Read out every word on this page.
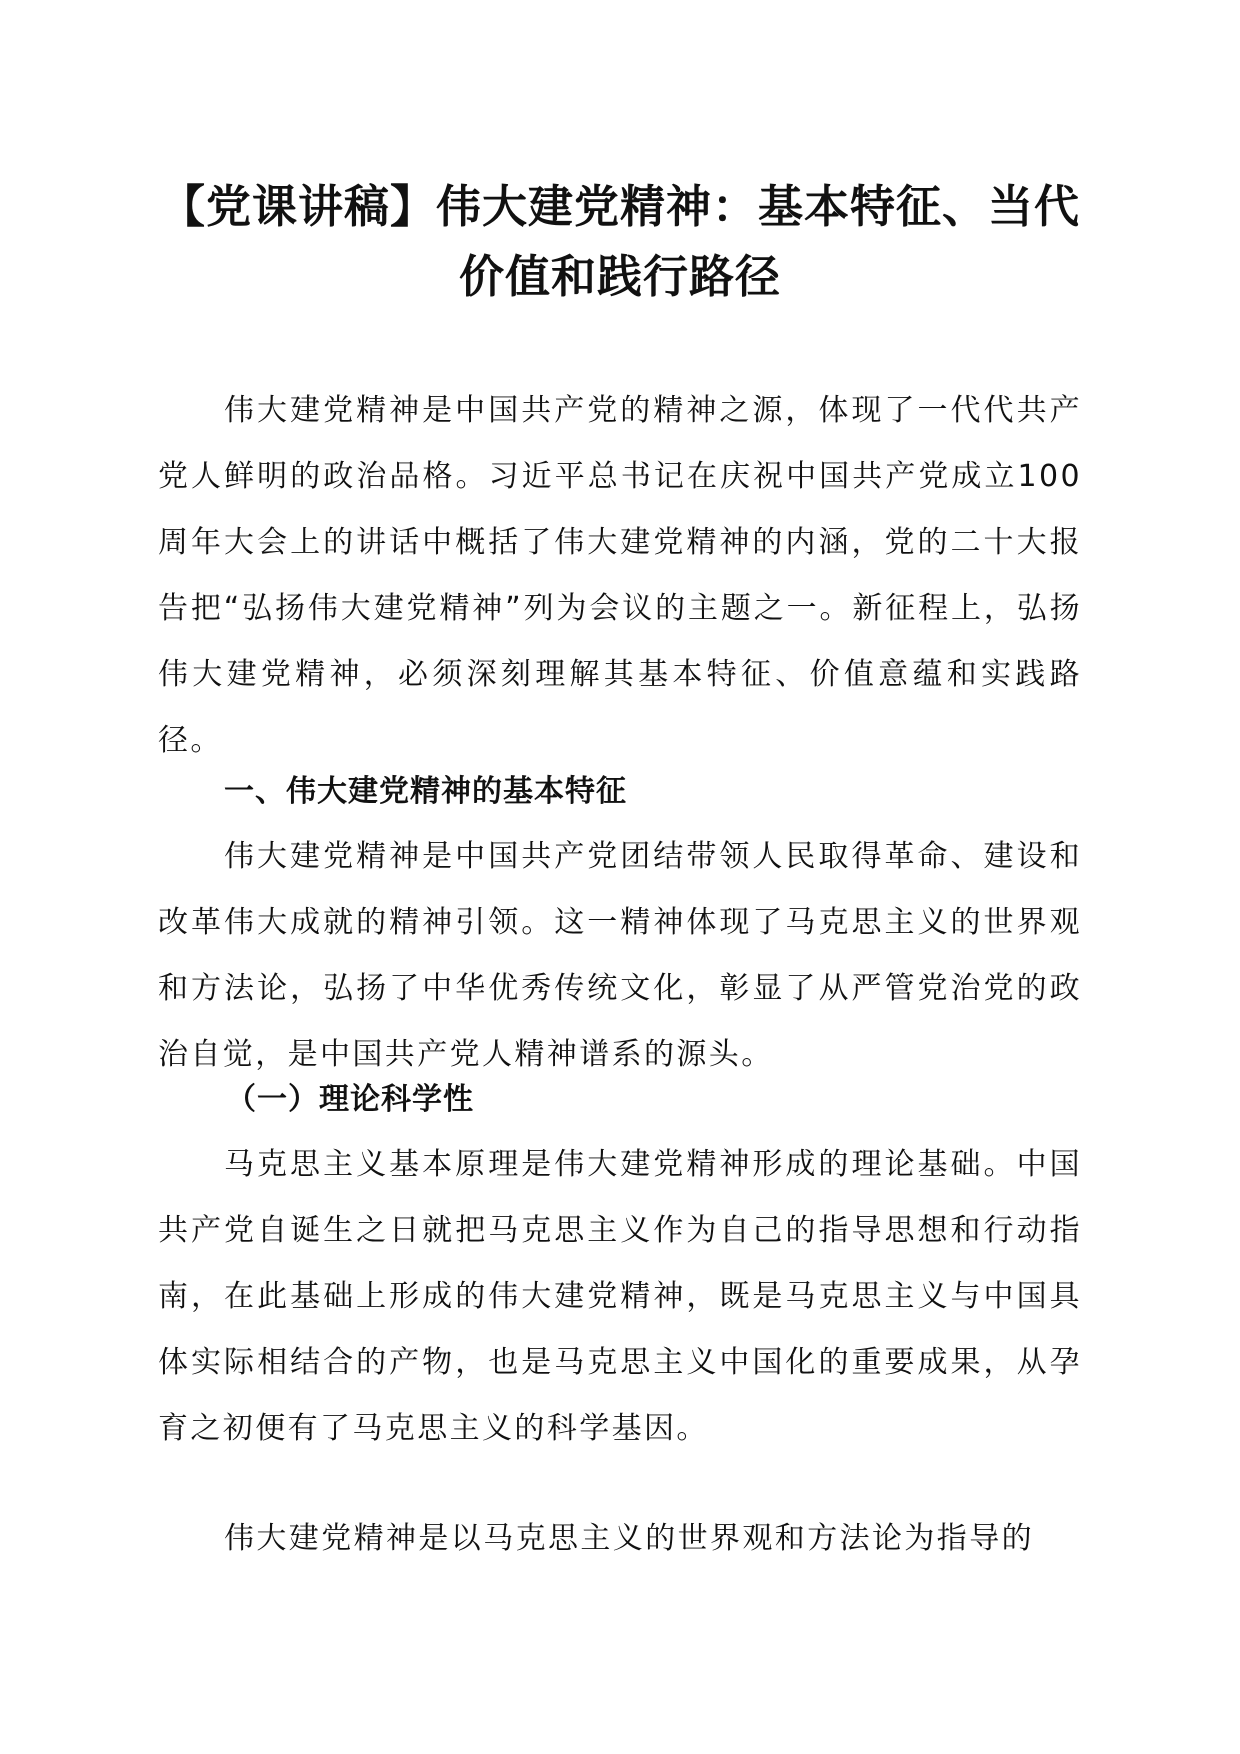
【党课讲稿】伟大建党精神：基本特征、当代
价值和践行路径

伟大建党精神是中国共产党的精神之源，体现了一代代共产党人鲜明的政治品格。习近平总书记在庆祝中国共产党成立100周年大会上的讲话中概括了伟大建党精神的内涵，党的二十大报告把“弘扬伟大建党精神”列为会议的主题之一。新征程上，弘扬伟大建党精神，必须深刻理解其基本特征、价值意蕴和实践路径。

一、伟大建党精神的基本特征

伟大建党精神是中国共产党团结带领人民取得革命、建设和改革伟大成就的精神引领。这一精神体现了马克思主义的世界观和方法论，弘扬了中华优秀传统文化，彰显了从严管党治党的政治自觉，是中国共产党人精神谱系的源头。

（一）理论科学性

马克思主义基本原理是伟大建党精神形成的理论基础。中国共产党自诞生之日就把马克思主义作为自己的指导思想和行动指南，在此基础上形成的伟大建党精神，既是马克思主义与中国具体实际相结合的产物，也是马克思主义中国化的重要成果，从孕育之初便有了马克思主义的科学基因。

伟大建党精神是以马克思主义的世界观和方法论为指导的
